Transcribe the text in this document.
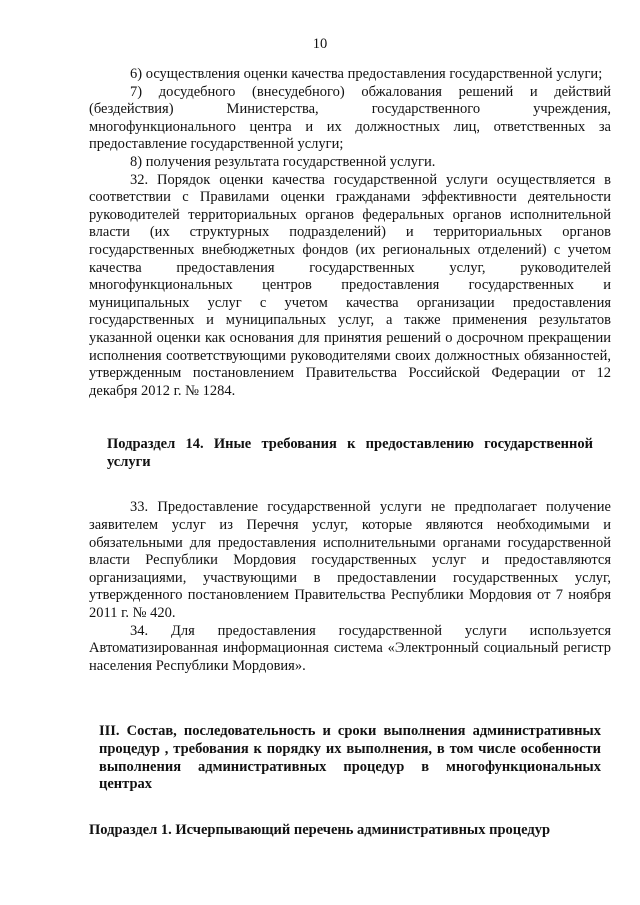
10

6) осуществления оценки качества предоставления государственной услуги;

7) досудебного (внесудебного) обжалования решений и действий (бездействия) Министерства, государственного учреждения, многофункционального центра и их должностных лиц, ответственных за предоставление государственной услуги;

8) получения результата государственной услуги.

32. Порядок оценки качества государственной услуги осуществляется в соответствии с Правилами оценки гражданами эффективности деятельности руководителей территориальных органов федеральных органов исполнительной власти (их структурных подразделений) и территориальных органов государственных внебюджетных фондов (их региональных отделений) с учетом качества предоставления государственных услуг, руководителей многофункциональных центров предоставления государственных и муниципальных услуг с учетом качества организации предоставления государственных и муниципальных услуг, а также применения результатов указанной оценки как основания для принятия решений о досрочном прекращении исполнения соответствующими руководителями своих должностных обязанностей, утвержденным постановлением Правительства Российской Федерации от 12 декабря 2012 г. № 1284.

Подраздел 14. Иные требования к предоставлению государственной услуги

33. Предоставление государственной услуги не предполагает получение заявителем услуг из Перечня услуг, которые являются необходимыми и обязательными для предоставления исполнительными органами государственной власти Республики Мордовия государственных услуг и предоставляются организациями, участвующими в предоставлении государственных услуг, утвержденного постановлением Правительства Республики Мордовия от 7 ноября 2011 г. № 420.

34. Для предоставления государственной услуги используется Автоматизированная информационная система «Электронный социальный регистр населения Республики Мордовия».

III. Состав, последовательность и сроки выполнения административных процедур , требования к порядку их выполнения, в том числе особенности выполнения административных процедур в многофункциональных центрах

Подраздел 1. Исчерпывающий перечень административных процедур
